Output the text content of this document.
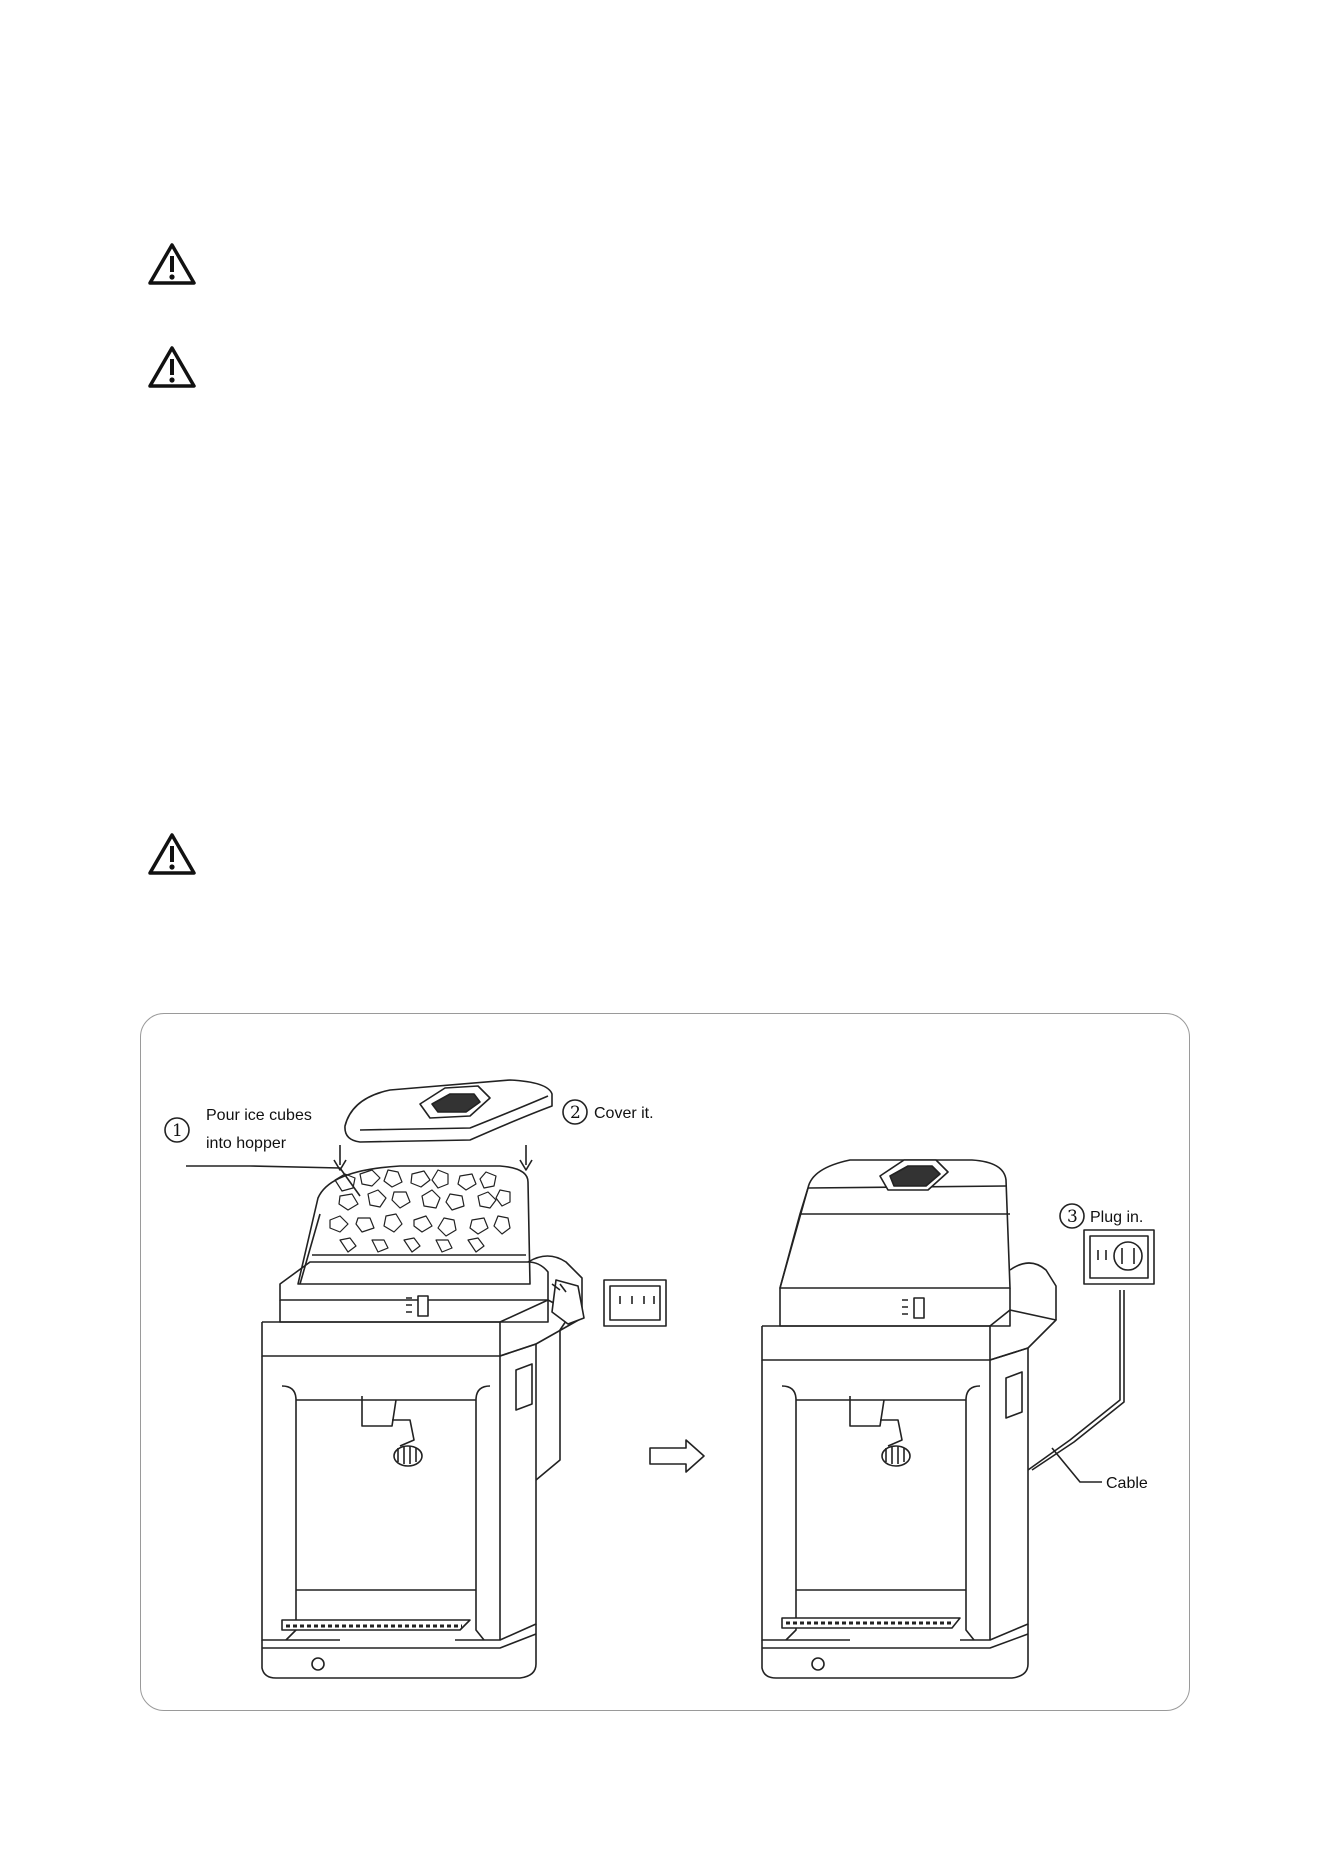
1
Pour ice cubes
into hopper
2 Cover it.
3 Plug in.
Cable
